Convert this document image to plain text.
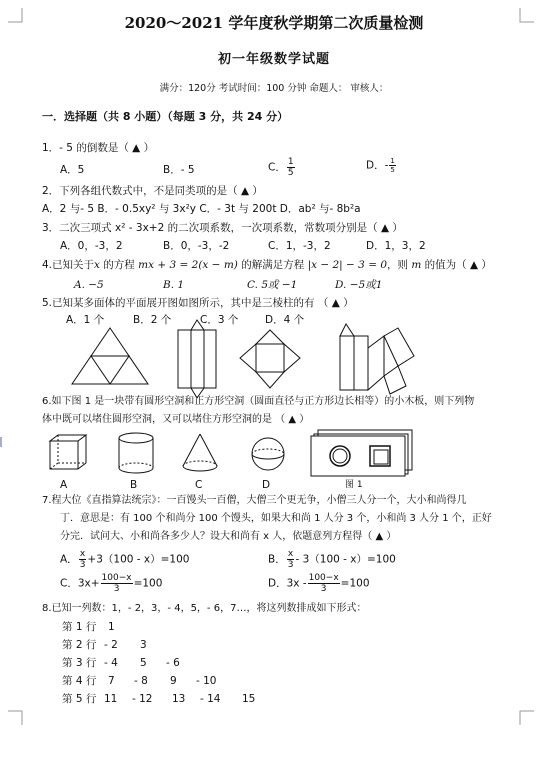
2020～2021 学年度秋学期第二次质量检测
初一年级数学试题
满分：120分 考试时间：100 分钟 命题人： 审核人：
一．选择题（共 8 小题）（每题 3 分，共 24 分）
1．- 5 的倒数是（ ▲ ）
A．5	B．- 5	C． $\frac{1}{5}$	D．- $\frac{1}{5}$
2．下列各组代数式中，不是同类项的是（ ▲ ）
A．2 与- 5 B．- 0.5xy² 与 3x²y C．- 3t 与 200t D．ab² 与- 8b²a
3．二次三项式 x² - 3x+2 的二次项系数，一次项系数，常数项分别是（ ▲ ）
A．0，-3，2	B．0，-3，-2	C．1，-3，2	D．1，3，2
4.已知关于x 的方程 mx + 3 = 2(x − m) 的解满足方程 |x − 2| − 3 = 0，则 m 的值为（ ▲ ）
A. −5	B. 1	C. 5或 −1	D. −5或1
5.已知某多面体的平面展开图如图所示，其中是三棱柱的有 （ ▲ ）
A．1 个	B．2 个	C．3 个	D．4 个
6.如下图 1 是一块带有圆形空洞和正方形空洞（圆面直径与正方形边长相等）的小木板，则下列物
体中既可以堵住圆形空洞，又可以堵住方形空洞的是 （ ▲ ）
A	B	C	D	图 1
7.程大位《直指算法统宗》：一百馒头一百僧，大僧三个更无争，小僧三人分一个，大小和尚得几
丁．意思是：有 100 个和尚分 100 个馒头，如果大和尚 1 人分 3 个，小和尚 3 人分 1 个，正好
分完．试问大、小和尚各多少人？设大和尚有 x 人，依题意列方程得（ ▲ ）
A． $\frac{x}{3} +3(100 - x)=100$	B． $\frac{x}{3} - 3(100 - x)=100$
C．$3x+ \frac{100-x}{3} =100$	D．$3x - \frac{100-x}{3} =100$
8.已知一列数：1，- 2，3，- 4，5，- 6，7…，将这列数排成如下形式：
第 1 行 1
第 2 行 - 2 3
第 3 行 - 4 5 - 6
第 4 行 7 - 8 9 - 10
第 5 行 11 - 12 13 - 14 15
